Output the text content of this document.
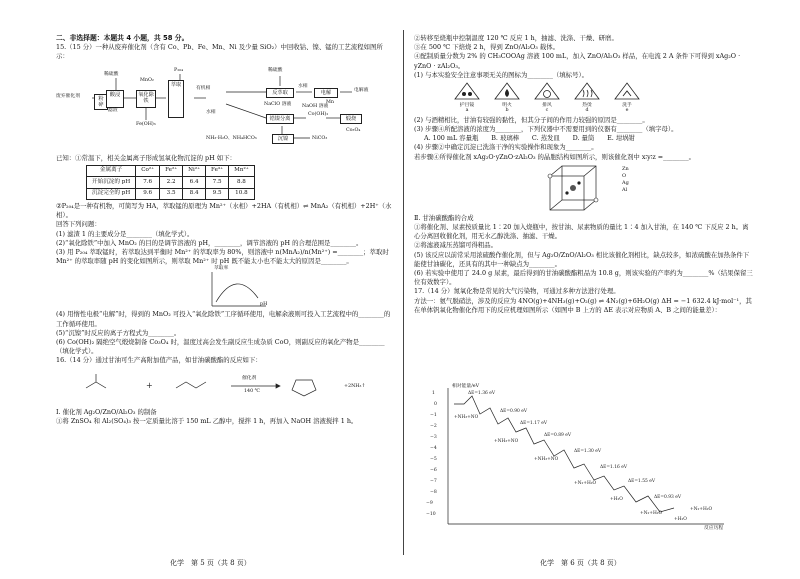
二、非选择题：本题共 4 小题，共 58 分。

15.（15 分）一种从废弃催化剂（含有 Co、Pb、Fe、Mn、Ni 及少量 SiO₂）中回收钴、镍、锰的工艺流程如图所示：

废弃催化剂
稀硫酸
粉碎
酸浸
MnO₂
氧化除铁
P₂₀₄
萃取
有机相
稀硫酸
反萃取
水相
电解	电解液
Mn
水相
NaClO 溶液 NaOH 溶液
锆镍分离
Co(OH)₂
煅烧
Co₃O₄
滤渣
Fe(OH)₃
NH₃·H₂O、NH₄HCO₃	沉镍	NiCO₃

已知：①常温下，相关金属离子形成氢氧化物沉淀的 pH 如下：

金属离子	Co²⁺	Fe²⁺	Ni²⁺	Fe³⁺	Mn²⁺
开始沉淀的 pH	7.6	2.2	6.4	7.5	8.8
沉淀完全的 pH	9.6	3.5	8.4	9.5	10.8

②P₂₀₄是一种有机物，可简写为 HA，萃取锰的原理为 Mn²⁺（水相）+2HA（有机相）⇌ MnA₂（有机相）+2H⁺（水相）。

回答下列问题：

(1) 滤渣 1 的主要成分是________（填化学式）。

(2)“氧化除铁”中加入 MnO₂ 的目的是调节溶液的 pH，________，调节溶液的 pH 的合理范围是________。

(3) 用 P₂₀₄ 萃取锰时，若萃取达到平衡时 Mn²⁺ 的萃取率为 80%，则溶液中 n(MnA₂)/n(Mn²⁺) =________；萃取时 Mn²⁺ 的萃取率随 pH 的变化如图所示，则萃取 Mn²⁺ 时 pH 既不能太小也不能太大的原因是________。

萃取率
pH

(4) 用惰性电极“电解”时，得到的 MnO₂ 可投入“氧化除铁”工序循环使用，电解余液则可投入工艺流程中的________的工作循环使用。

(5)“沉镍”时反应的离子方程式为________。

(6) Co(OH)₂ 隔绝空气煅烧制备 Co₃O₄ 时，温度过高会发生副反应生成杂质 CoO，则副反应的氧化产物是________（填化学式）。

16.（14 分）通过甘油可生产高附加值产品，如甘油碳酸酯的反应如下：

+
催化剂
140 ℃
+2NH₃↑

Ⅰ. 催化剂 Ag₂O/ZnO/Al₂O₃ 的制备

①将 ZnSO₄ 和 Al₂(SO₄)₃ 按一定质量比溶于 150 mL 乙醇中，搅拌 1 h，再加入 NaOH 溶液搅拌 1 h。

②转移至烧瓶中控制温度 120 ℃ 反应 1 h，抽滤、洗涤、干燥、研磨。

③在 500 ℃ 下焙烧 2 h，得到 ZnO/Al₂O₃ 载体。

④配制质量分数为 2% 的 CH₃COOAg 溶液 100 mL，加入 ZnO/Al₂O₃ 样品，在电流 2 A 条件下可得到 xAg₂O · yZnO · zAl₂O₃。

(1) 与本实验安全注意事项无关的图标为________（填标号）。

护目镜
a
明火
b
排风
c
热烫
d
洗手
e

(2) 与酒精相比，甘油有较强的黏性，但其分子间的作用力较强的原因是________。

(3) 步骤④所配溶液的浓度为________，下列仪器中不需要用到的仪器有________（填字母）。

A. 100 mL 容量瓶　　B. 玻璃棒　　C. 蒸发皿　　D. 量筒　　E. 坩埚钳

(4) 步骤②中确定沉淀已洗涤干净的实验操作和现象为________。

若步骤④所得催化剂 xAg₂O·yZnO·zAl₂O₃ 的晶胞结构如图所示，则该催化剂中 x∶y∶z =________。

Zn
O
Ag
Al

Ⅱ. 甘油碳酸酯的合成

①将催化剂、尿素按质量比 1∶20 加入烧瓶中，按甘油、尿素物质的量比 1∶4 加入甘油，在 140 ℃ 下反应 2 h。离心分离回收催化剂，用无水乙醇洗涤、抽滤、干燥。

②将滤液减压蒸馏可得粗品。

(5) 该反应以前常采用浓硫酸作催化剂，但与 Ag₂O/ZnO/Al₂O₃ 相比该催化剂相比，缺点较多，如浓硫酸在加热条件下能使甘油碳化，还具有的其中一种缺点为________。

(6) 若实验中使用了 24.0 g 尿素，最后得到的甘油碳酸酯粗品为 10.8 g，则该实验的产率约为________%（结果保留三位有效数字）。

17.（14 分）氮氧化物是常见的大气污染物，可通过多种方法进行处理。

方法一：氨气脱硝法，涉及的反应为 4NO(g)+4NH₃(g)+O₂(g) ⇌ 4N₂(g)+6H₂O(g) ΔH = −1 632.4 kJ·mol⁻¹，其在单体钒氧化物催化作用下的反应机理如图所示（如图中 B 上方的 ΔE 表示对应物质 A、B 之间的能量差）：

1
0
−1
−2
−3
−4
−5
−6
−7
−8
−9
−10
ΔE=1.36 eV
ΔE=0.90 eV
ΔE=1.17 eV
ΔE=0.89 eV
ΔE=1.30 eV
ΔE=1.16 eV
ΔE=1.55 eV
ΔE=0.93 eV
+NH₃+NO
+NH₃+NO
+NH₃+NO
+N₂+H₂O
+H₂O
+N₂+H₂O
+H₂O
+N₂+H₂O
相对能量/eV
反应历程
化学　第 5 页（共 8 页）	化学　第 6 页（共 8 页）
